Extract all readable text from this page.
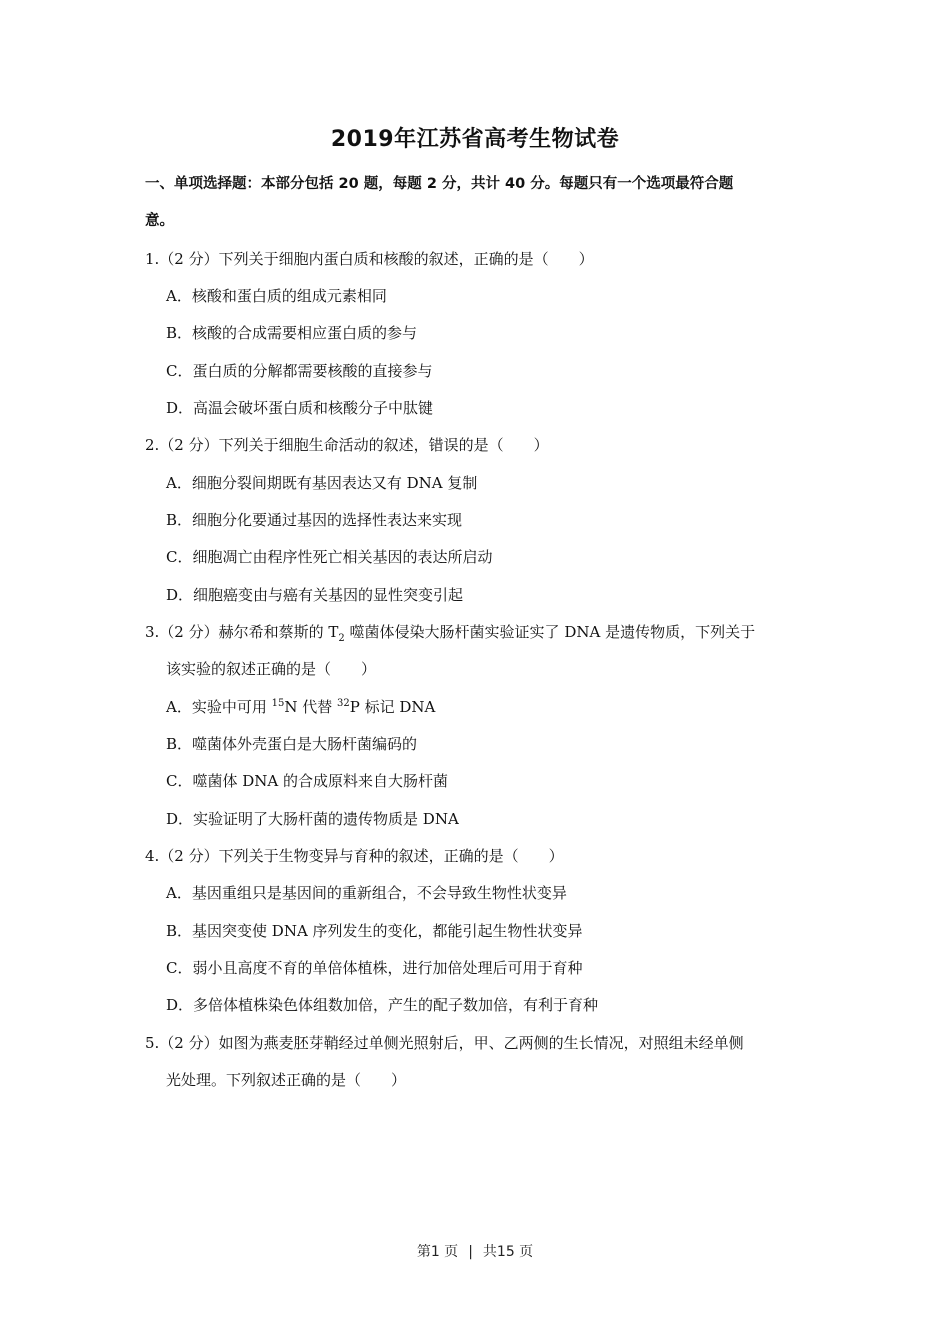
2019年江苏省高考生物试卷
一、单项选择题：本部分包括 20 题，每题 2 分，共计 40 分。每题只有一个选项最符合题
意。
1.（2 分）下列关于细胞内蛋白质和核酸的叙述，正确的是（　　）
A．核酸和蛋白质的组成元素相同
B．核酸的合成需要相应蛋白质的参与
C．蛋白质的分解都需要核酸的直接参与
D．高温会破坏蛋白质和核酸分子中肽键
2.（2 分）下列关于细胞生命活动的叙述，错误的是（　　）
A．细胞分裂间期既有基因表达又有 DNA 复制
B．细胞分化要通过基因的选择性表达来实现
C．细胞凋亡由程序性死亡相关基因的表达所启动
D．细胞癌变由与癌有关基因的显性突变引起
3.（2 分）赫尔希和蔡斯的 $T_2$ 噬菌体侵染大肠杆菌实验证实了 DNA 是遗传物质，下列关于
该实验的叙述正确的是（　　）
A．实验中可用 $^{15}$N 代替 $^{32}$P 标记 DNA
B．噬菌体外壳蛋白是大肠杆菌编码的
C．噬菌体 DNA 的合成原料来自大肠杆菌
D．实验证明了大肠杆菌的遗传物质是 DNA
4.（2 分）下列关于生物变异与育种的叙述，正确的是（　　）
A．基因重组只是基因间的重新组合，不会导致生物性状变异
B．基因突变使 DNA 序列发生的变化，都能引起生物性状变异
C．弱小且高度不育的单倍体植株，进行加倍处理后可用于育种
D．多倍体植株染色体组数加倍，产生的配子数加倍，有利于育种
5.（2 分）如图为燕麦胚芽鞘经过单侧光照射后，甲、乙两侧的生长情况，对照组未经单侧
光处理。下列叙述正确的是（　　）
第1 页 | 共15 页
